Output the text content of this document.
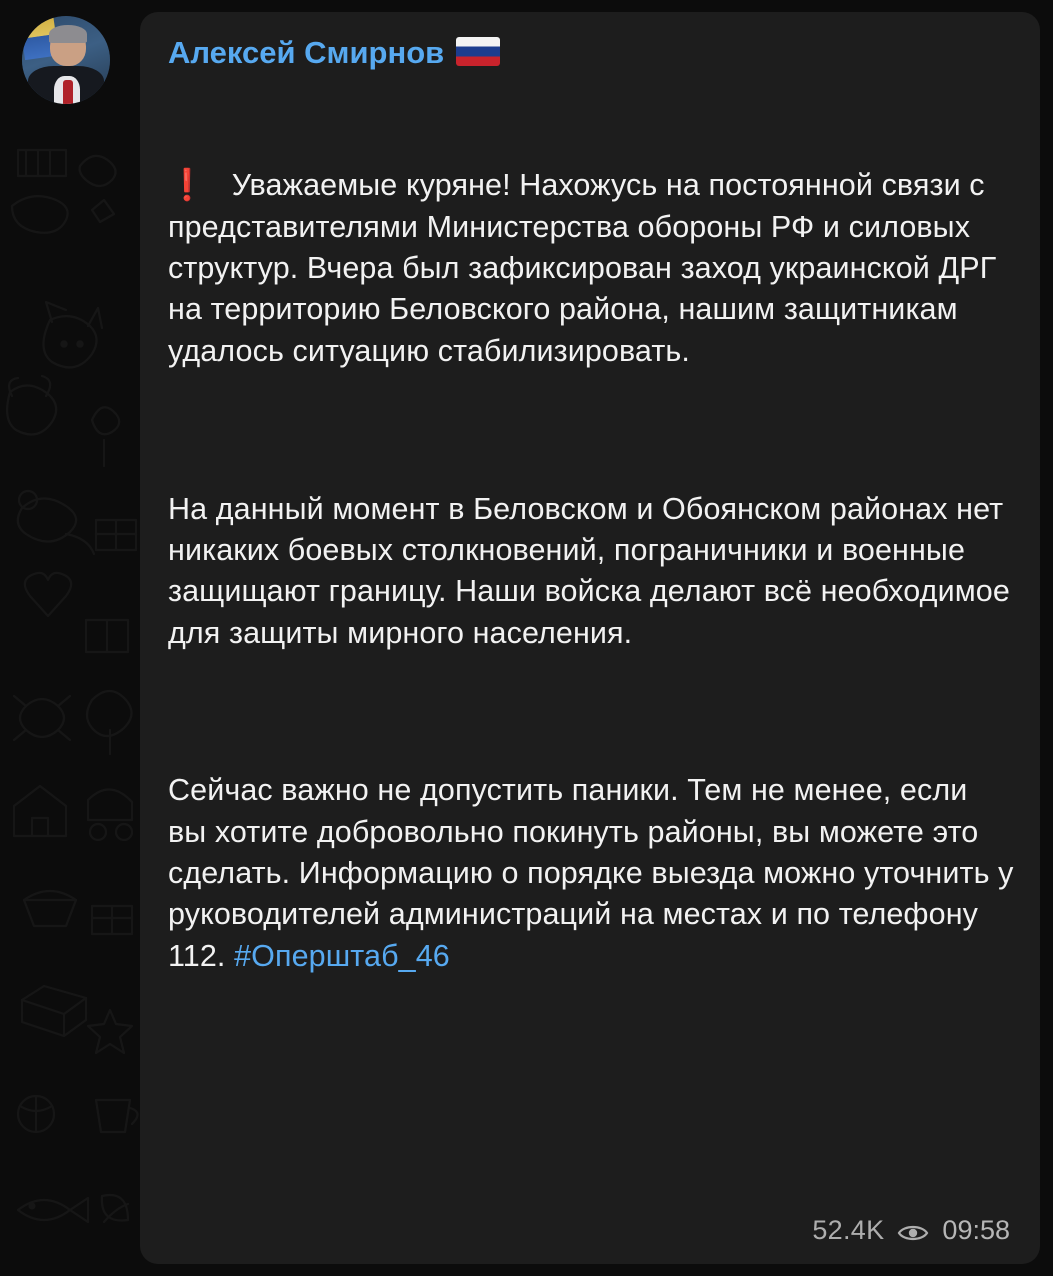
Алексей Смирнов

❗   Уважаемые куряне! Нахожусь на постоянной связи с представителями Министерства обороны РФ и силовых структур. Вчера был зафиксирован заход украинской ДРГ на территорию Беловского района, нашим защитникам удалось ситуацию стабилизировать.

На данный момент в Беловском и Обоянском районах нет никаких боевых столкновений, пограничники и военные защищают границу. Наши войска делают всё необходимое для защиты мирного населения.

Сейчас важно не допустить паники. Тем не менее, если вы хотите добровольно покинуть районы, вы можете это сделать. Информацию о порядке выезда можно уточнить у руководителей администраций на местах и по телефону 112. #Оперштаб_46

52.4K 09:58
